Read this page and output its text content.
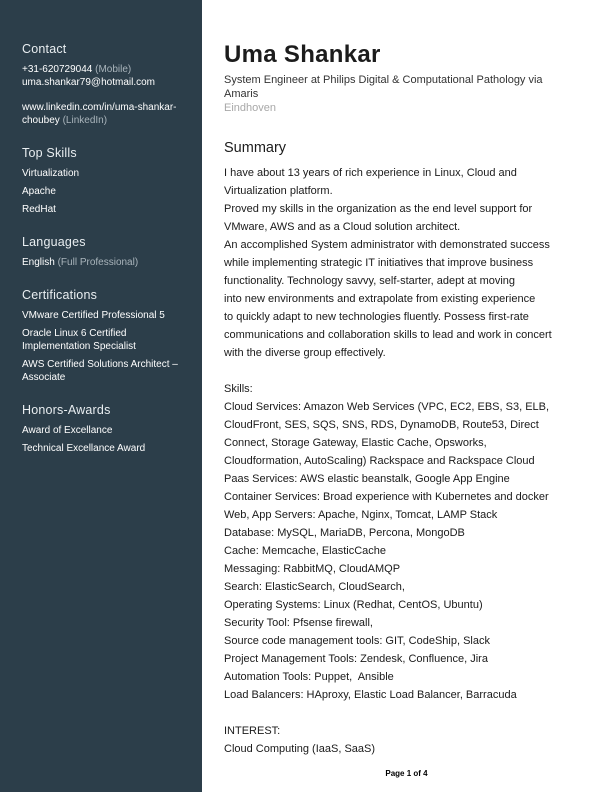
Contact
+31-620729044 (Mobile)
uma.shankar79@hotmail.com
www.linkedin.com/in/uma-shankar-
choubey (LinkedIn)
Top Skills
Virtualization
Apache
RedHat
Languages
English (Full Professional)
Certifications
VMware Certified Professional 5
Oracle Linux 6 Certified
Implementation Specialist
AWS Certified Solutions Architect –
Associate
Honors-Awards
Award of Excellance
Technical Excellance Award
Uma Shankar
System Engineer at Philips Digital & Computational Pathology via
Amaris
Eindhoven
Summary
I have about 13 years of rich experience in Linux, Cloud and
Virtualization platform.
Proved my skills in the organization as the end level support for
VMware, AWS and as a Cloud solution architect.
An accomplished System administrator with demonstrated success
while implementing strategic IT initiatives that improve business
functionality. Technology savvy, self-starter, adept at moving
into new environments and extrapolate from existing experience
to quickly adapt to new technologies fluently. Possess first-rate
communications and collaboration skills to lead and work in concert
with the diverse group effectively.

Skills:
Cloud Services: Amazon Web Services (VPC, EC2, EBS, S3, ELB,
CloudFront, SES, SQS, SNS, RDS, DynamoDB, Route53, Direct
Connect, Storage Gateway, Elastic Cache, Opsworks,
Cloudformation, AutoScaling) Rackspace and Rackspace Cloud
Paas Services: AWS elastic beanstalk, Google App Engine
Container Services: Broad experience with Kubernetes and docker
Web, App Servers: Apache, Nginx, Tomcat, LAMP Stack
Database: MySQL, MariaDB, Percona, MongoDB
Cache: Memcache, ElasticCache
Messaging: RabbitMQ, CloudAMQP
Search: ElasticSearch, CloudSearch,
Operating Systems: Linux (Redhat, CentOS, Ubuntu)
Security Tool: Pfsense firewall,
Source code management tools: GIT, CodeShip, Slack
Project Management Tools: Zendesk, Confluence, Jira
Automation Tools: Puppet,  Ansible
Load Balancers: HAproxy, Elastic Load Balancer, Barracuda

INTEREST:
Cloud Computing (IaaS, SaaS)
Page 1 of 4
